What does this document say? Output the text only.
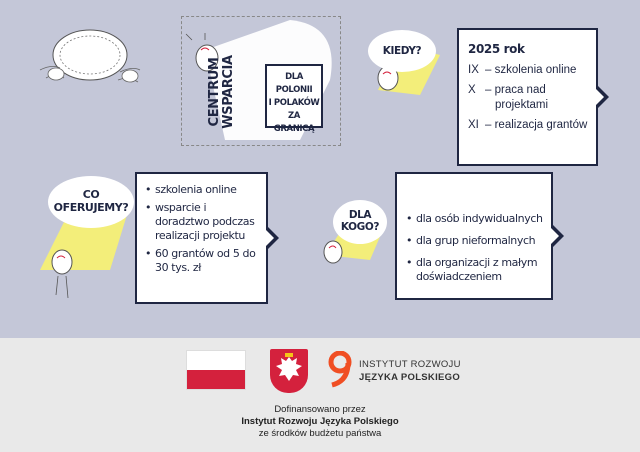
CENTRUM WSPARCIA	DLA POLONII
I POLAKÓW
ZA GRANICĄ
KIEDY?	2025 rok
IX – szkolenia online
X – praca nad
projektami
XI – realizacja grantów
CO
OFERUJEMY?
• szkolenia online
• wsparcie i doradztwo podczas realizacji projektu
• 60 grantów od 5 do 30 tys. zł
DLA
KOGO?
• dla osób indywidualnych
• dla grup nieformalnych
• dla organizacji z małym doświadczeniem
INSTYTUT ROZWOJU
JĘZYKA POLSKIEGO
Dofinansowano przez
Instytut Rozwoju Języka Polskiego
ze środków budżetu państwa
